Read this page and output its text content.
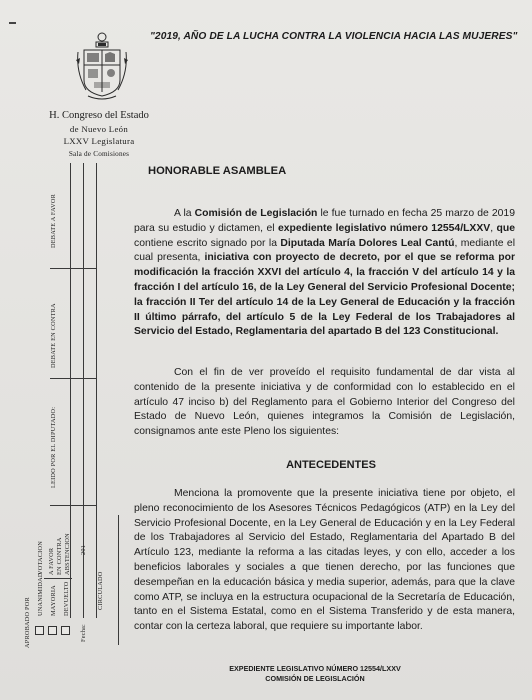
"2019, AÑO DE LA LUCHA CONTRA LA VIOLENCIA HACIA LAS MUJERES"
H. Congreso del Estado
de Nuevo León
LXXV Legislatura
Sala de Comisiones
DEBATE A FAVOR
DEBATE EN CONTRA
LEIDO POR EL DIPUTADO:
APROBADO POR
UNANIMIDAD MAYORIA DEVUELTO
VOTACION A FAVOR EN CONTRA ABSTENCION
Fecha:
201
CIRCULADO
HONORABLE ASAMBLEA
A la Comisión de Legislación le fue turnado en fecha 25 marzo de 2019 para su estudio y dictamen, el expediente legislativo número 12554/LXXV, que contiene escrito signado por la Diputada María Dolores Leal Cantú, mediante el cual presenta, iniciativa con proyecto de decreto, por el que se reforma por modificación la fracción XXVI del artículo 4, la fracción V del artículo 14 y la fracción I del artículo 16, de la Ley General del Servicio Profesional Docente; la fracción II Ter del artículo 14 de la Ley General de Educación y la fracción II último párrafo, del artículo 5 de la Ley Federal de los Trabajadores al Servicio del Estado, Reglamentaria del apartado B del 123 Constitucional.
Con el fin de ver proveído el requisito fundamental de dar vista al contenido de la presente iniciativa y de conformidad con lo establecido en el artículo 47 inciso b) del Reglamento para el Gobierno Interior del Congreso del Estado de Nuevo León, quienes integramos la Comisión de Legislación, consignamos ante este Pleno los siguientes:
ANTECEDENTES
Menciona la promovente que la presente iniciativa tiene por objeto, el pleno reconocimiento de los Asesores Técnicos Pedagógicos (ATP) en la Ley del Servicio Profesional Docente, en la Ley General de Educación y en la Ley Federal de los Trabajadores al Servicio del Estado, Reglamentaria del Apartado B del Artículo 123, mediante la reforma a las citadas leyes, y con ello, acceder a los beneficios laborales y sociales a que tienen derecho, por las funciones que desempeñan en la educación básica y media superior, además, para que la clave como ATP, se incluya en la estructura ocupacional de la Secretaría de Educación, tanto en el Sistema Estatal, como en el Sistema Transferido y de esta manera, contar con la certeza laboral, que requiere su importante labor.
EXPEDIENTE LEGISLATIVO NÚMERO 12554/LXXV
COMISIÓN DE LEGISLACIÓN
